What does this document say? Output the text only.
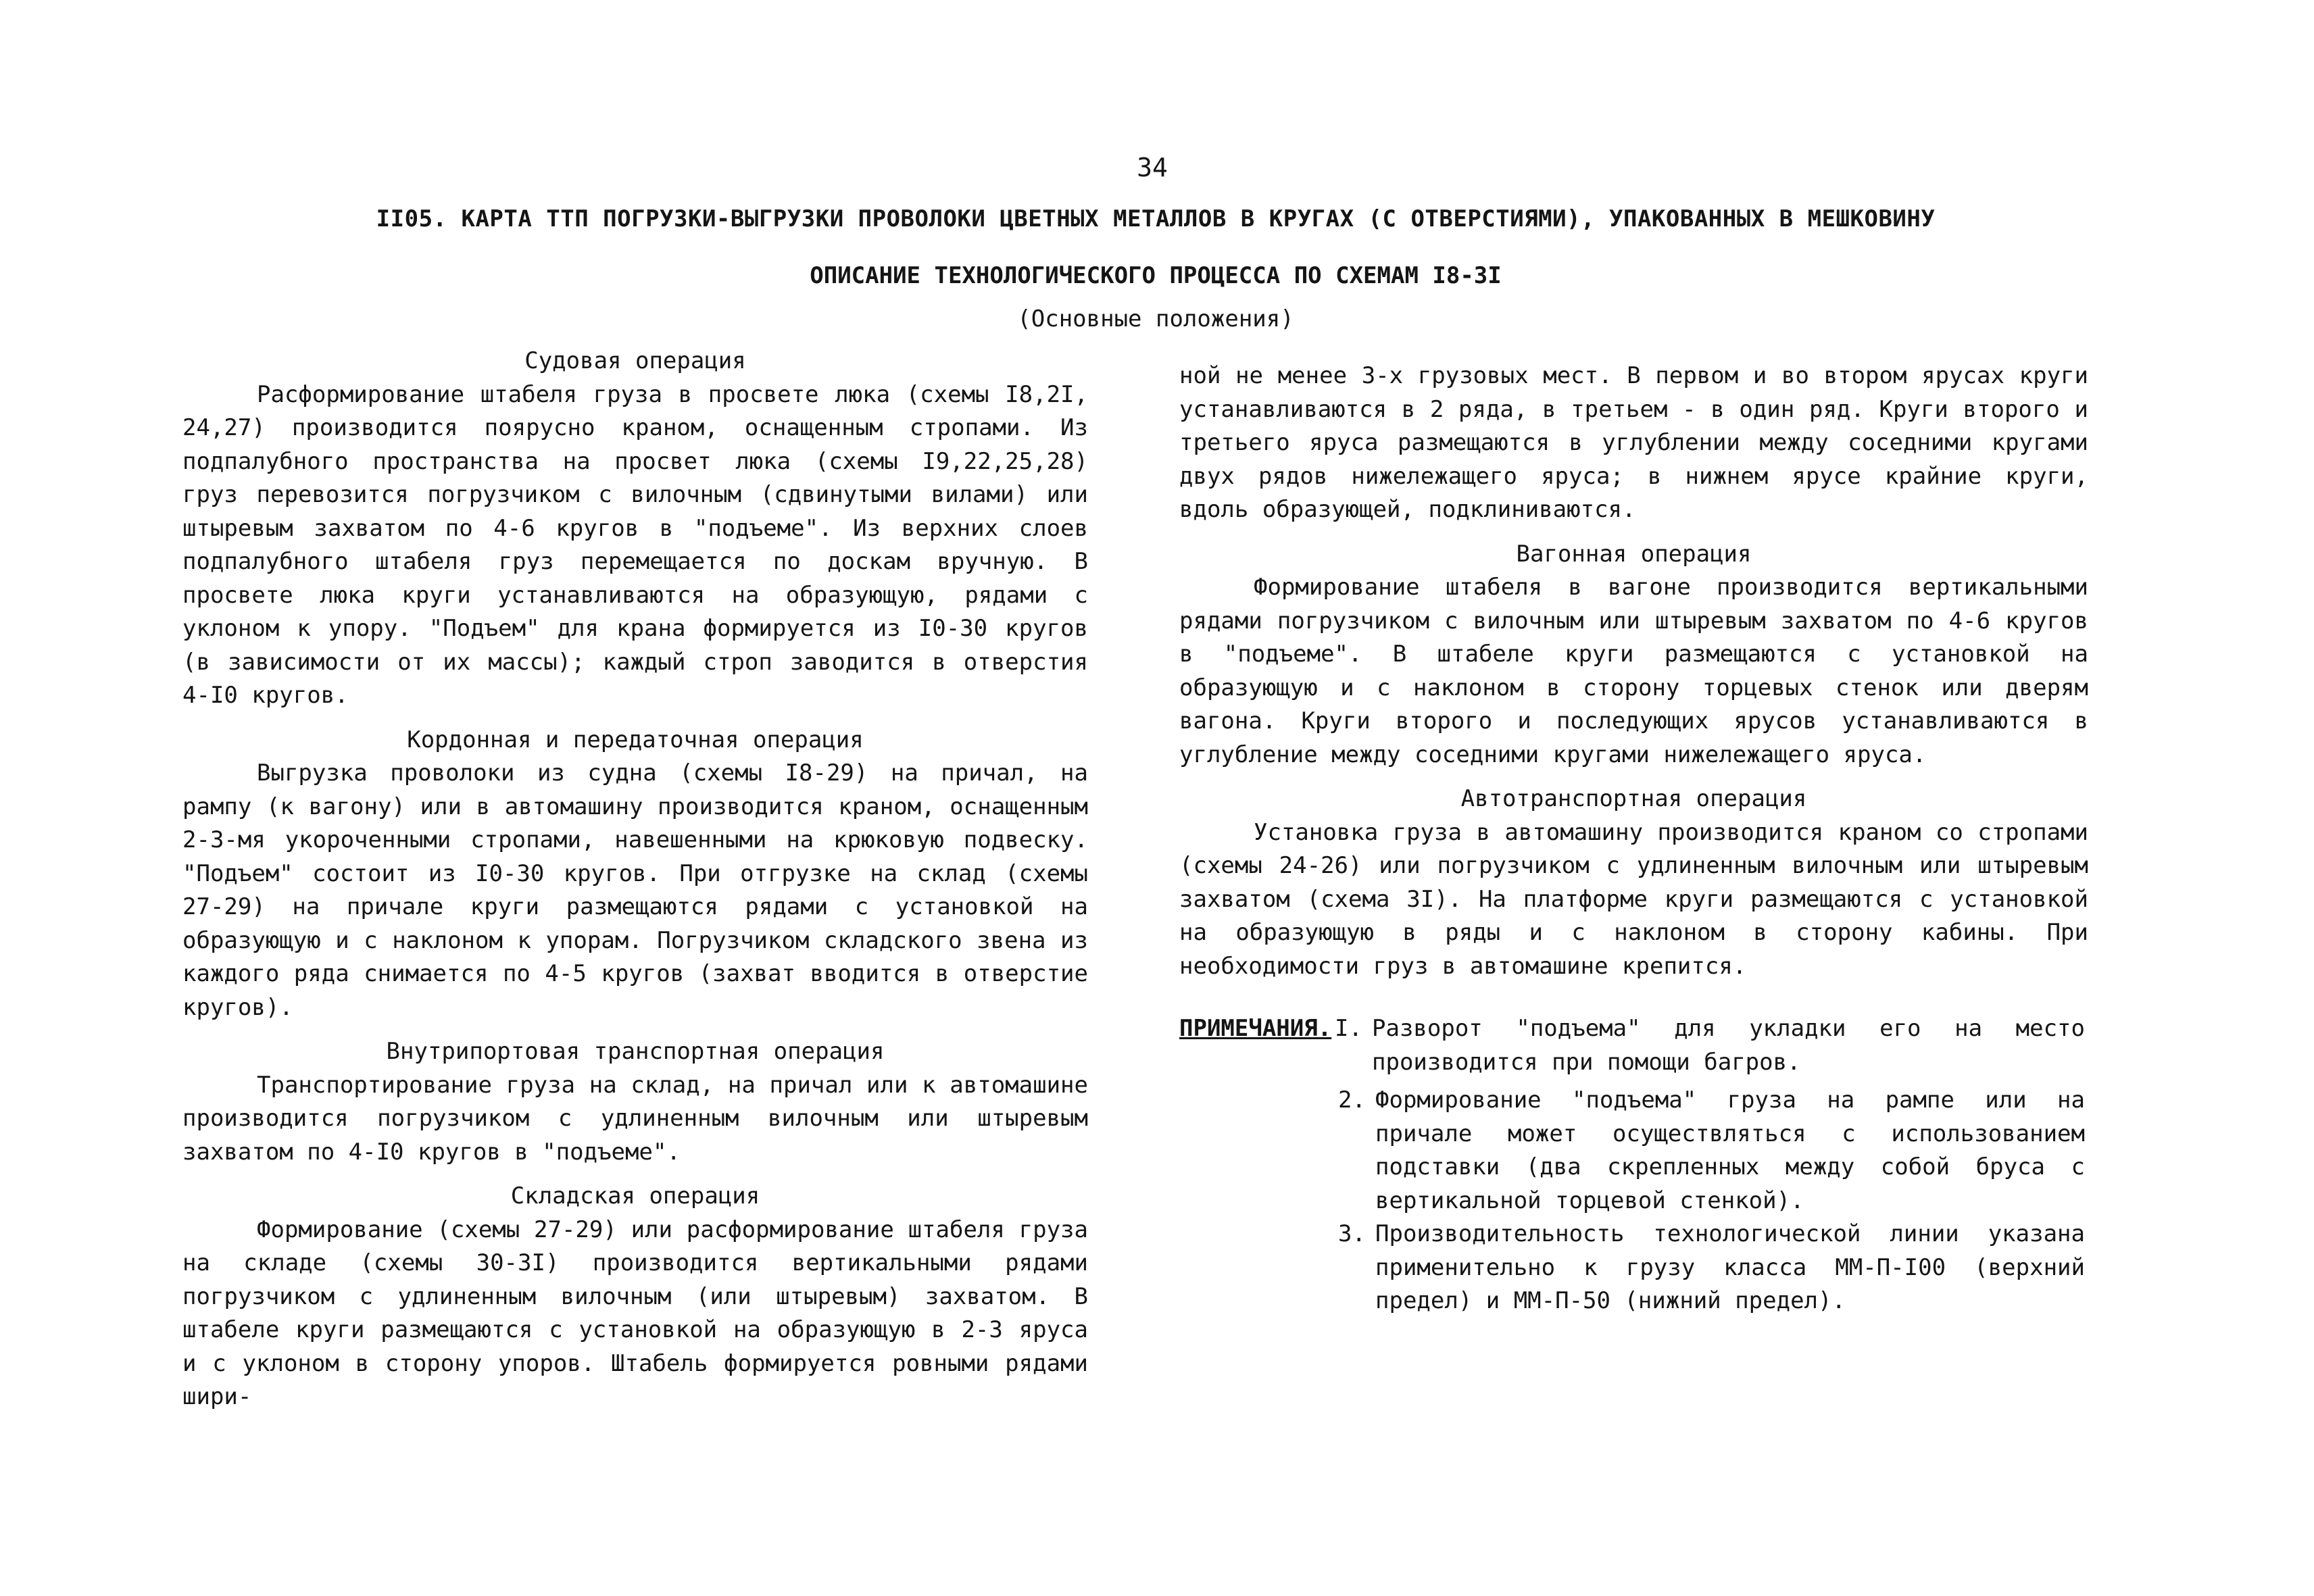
34
II05. КАРТА ТТП ПОГРУЗКИ-ВЫГРУЗКИ ПРОВОЛОКИ ЦВЕТНЫХ МЕТАЛЛОВ В КРУГАХ (С ОТВЕРСТИЯМИ), УПАКОВАННЫХ В МЕШКОВИНУ
ОПИСАНИЕ ТЕХНОЛОГИЧЕСКОГО ПРОЦЕССА ПО СХЕМАМ I8-3I
(Основные положения)
Судовая операция

Расформирование штабеля груза в просвете люка (схемы I8,2I, 24,27) производится поярусно краном, оснащенным стропами. Из подпалубного пространства на просвет люка (схемы I9,22,25,28) груз перевозится погрузчиком с вилочным (сдвинутыми вилами) или штыревым захватом по 4-6 кругов в "подъеме". Из верхних слоев подпалубного штабеля груз перемещается по доскам вручную. В просвете люка круги устанавливаются на образующую, рядами с уклоном к упору. "Подъем" для крана формируется из I0-30 кругов (в зависимости от их массы); каждый строп заводится в отверстия 4-I0 кругов.

Кордонная и передаточная операция

Выгрузка проволоки из судна (схемы I8-29) на причал, на рампу (к вагону) или в автомашину производится краном, оснащенным 2-3-мя укороченными стропами, навешенными на крюковую подвеску. "Подъем" состоит из I0-30 кругов. При отгрузке на склад (схемы 27-29) на причале круги размещаются рядами с установкой на образующую и с наклоном к упорам. Погрузчиком складского звена из каждого ряда снимается по 4-5 кругов (захват вводится в отверстие кругов).

Внутрипортовая транспортная операция

Транспортирование груза на склад, на причал или к автомашине производится погрузчиком с удлиненным вилочным или штыревым захватом по 4-I0 кругов в "подъеме".

Складская операция

Формирование (схемы 27-29) или расформирование штабеля груза на складе (схемы 30-3I) производится вертикальными рядами погрузчиком с удлиненным вилочным (или штыревым) захватом. В штабеле круги размещаются с установкой на образующую в 2-3 яруса и с уклоном в сторону упоров. Штабель формируется ровными рядами шири-

ной не менее 3-х грузовых мест. В первом и во втором ярусах круги устанавливаются в 2 ряда, в третьем - в один ряд. Круги второго и третьего яруса размещаются в углублении между соседними кругами двух рядов нижележащего яруса; в нижнем ярусе крайние круги, вдоль образующей, подклиниваются.

Вагонная операция

Формирование штабеля в вагоне производится вертикальными рядами погрузчиком с вилочным или штыревым захватом по 4-6 кругов в "подъеме". В штабеле круги размещаются с установкой на образующую и с наклоном в сторону торцевых стенок или дверям вагона. Круги второго и последующих ярусов устанавливаются в углубление между соседними кругами нижележащего яруса.

Автотранспортная операция

Установка груза в автомашину производится краном со стропами (схемы 24-26) или погрузчиком с удлиненным вилочным или штыревым захватом (схема 3I). На платформе круги размещаются с установкой на образующую в ряды и с наклоном в сторону кабины. При необходимости груз в автомашине крепится.

ПРИМЕЧАНИЯ. I. Разворот "подъема" для укладки его на место производится при помощи багров.
2. Формирование "подъема" груза на рампе или на причале может осуществляться с использованием подставки (два скрепленных между собой бруса с вертикальной торцевой стенкой).
3. Производительность технологической линии указана применительно к грузу класса ММ-П-I00 (верхний предел) и ММ-П-50 (нижний предел).
